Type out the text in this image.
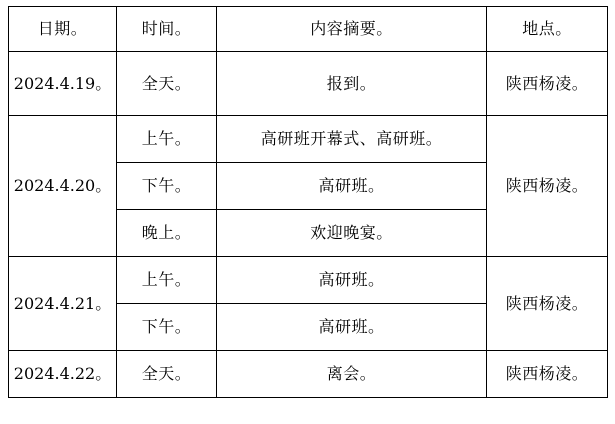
日期。	时间。	内容摘要。	地点。
2024.4.19。	全天。	报到。	陕西杨凌。
2024.4.20。	上午。	高研班开幕式、高研班。	陕西杨凌。
	下午。	高研班。	
	晚上。	欢迎晚宴。	
2024.4.21。	上午。	高研班。	陕西杨凌。
	下午。	高研班。	
2024.4.22。	全天。	离会。	陕西杨凌。
